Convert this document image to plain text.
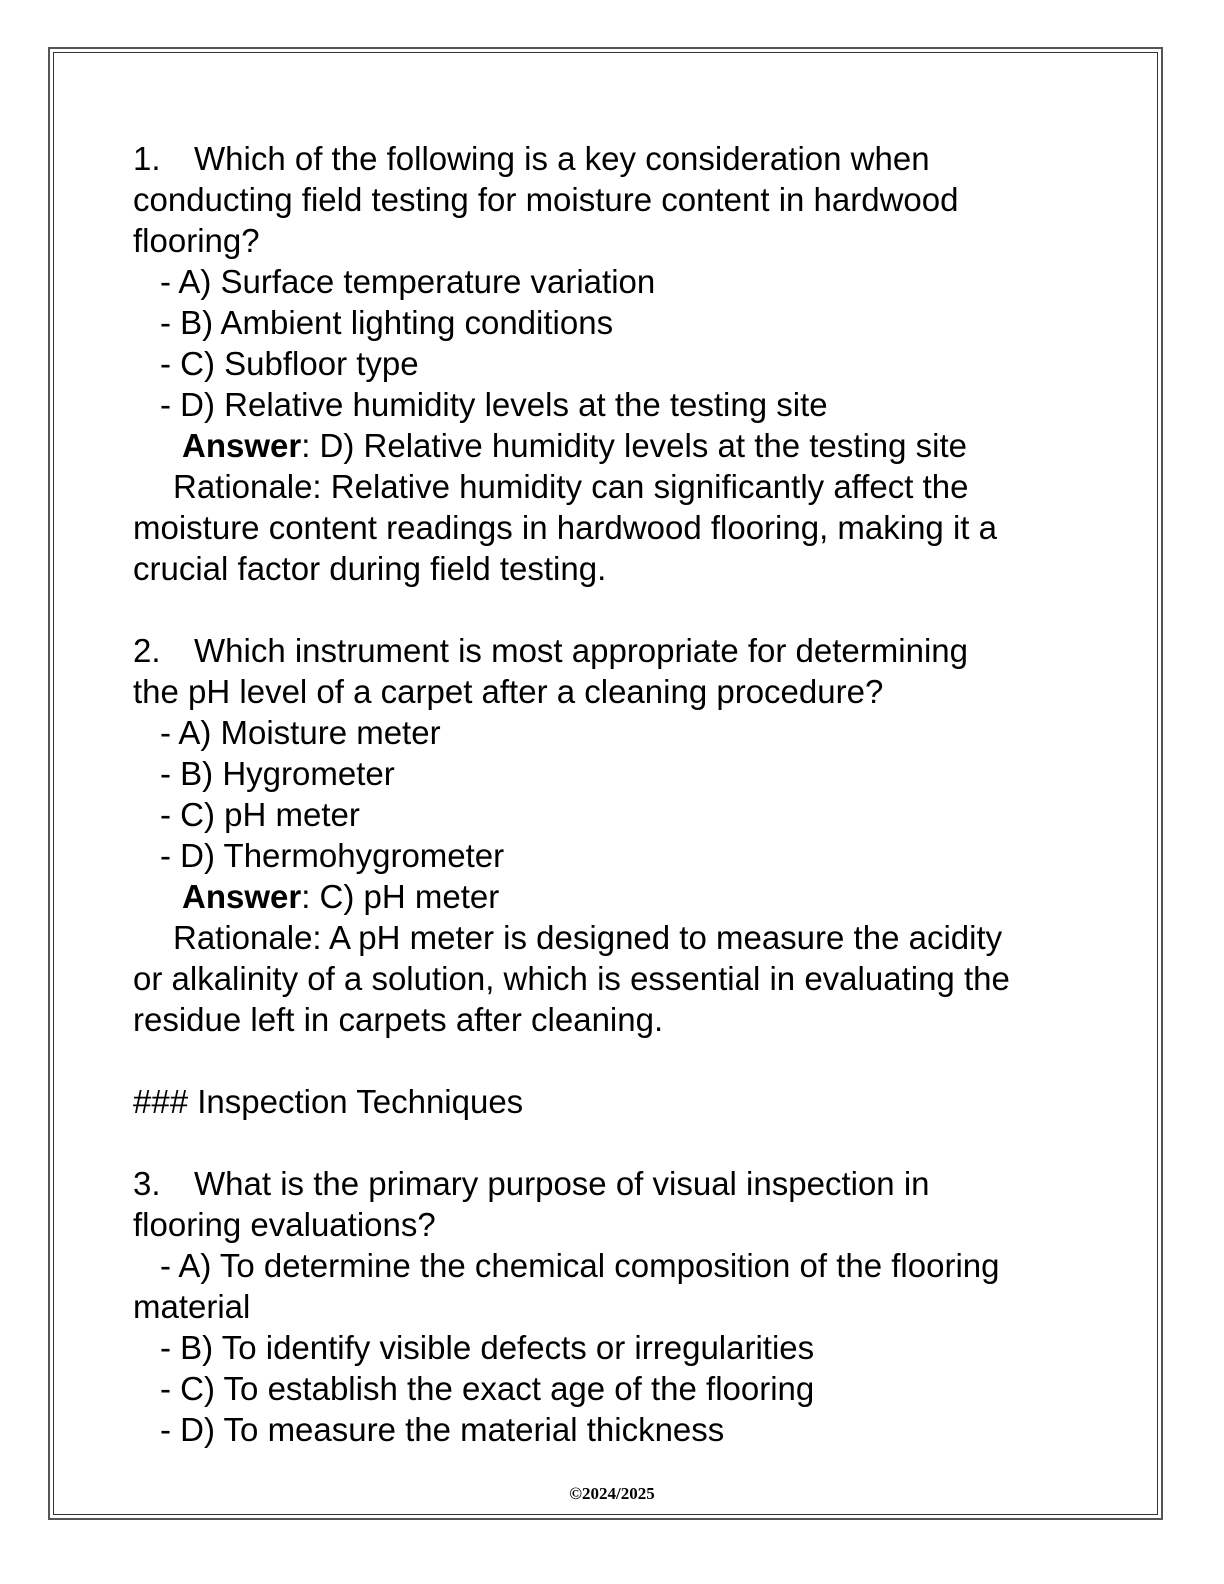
1. Which of the following is a key consideration when
conducting field testing for moisture content in hardwood
flooring?
- A) Surface temperature variation
- B) Ambient lighting conditions
- C) Subfloor type
- D) Relative humidity levels at the testing site
Answer: D) Relative humidity levels at the testing site
Rationale: Relative humidity can significantly affect the
moisture content readings in hardwood flooring, making it a
crucial factor during field testing.
2. Which instrument is most appropriate for determining
the pH level of a carpet after a cleaning procedure?
- A) Moisture meter
- B) Hygrometer
- C) pH meter
- D) Thermohygrometer
Answer: C) pH meter
Rationale: A pH meter is designed to measure the acidity
or alkalinity of a solution, which is essential in evaluating the
residue left in carpets after cleaning.
### Inspection Techniques
3. What is the primary purpose of visual inspection in
flooring evaluations?
- A) To determine the chemical composition of the flooring
material
- B) To identify visible defects or irregularities
- C) To establish the exact age of the flooring
- D) To measure the material thickness
©2024/2025
